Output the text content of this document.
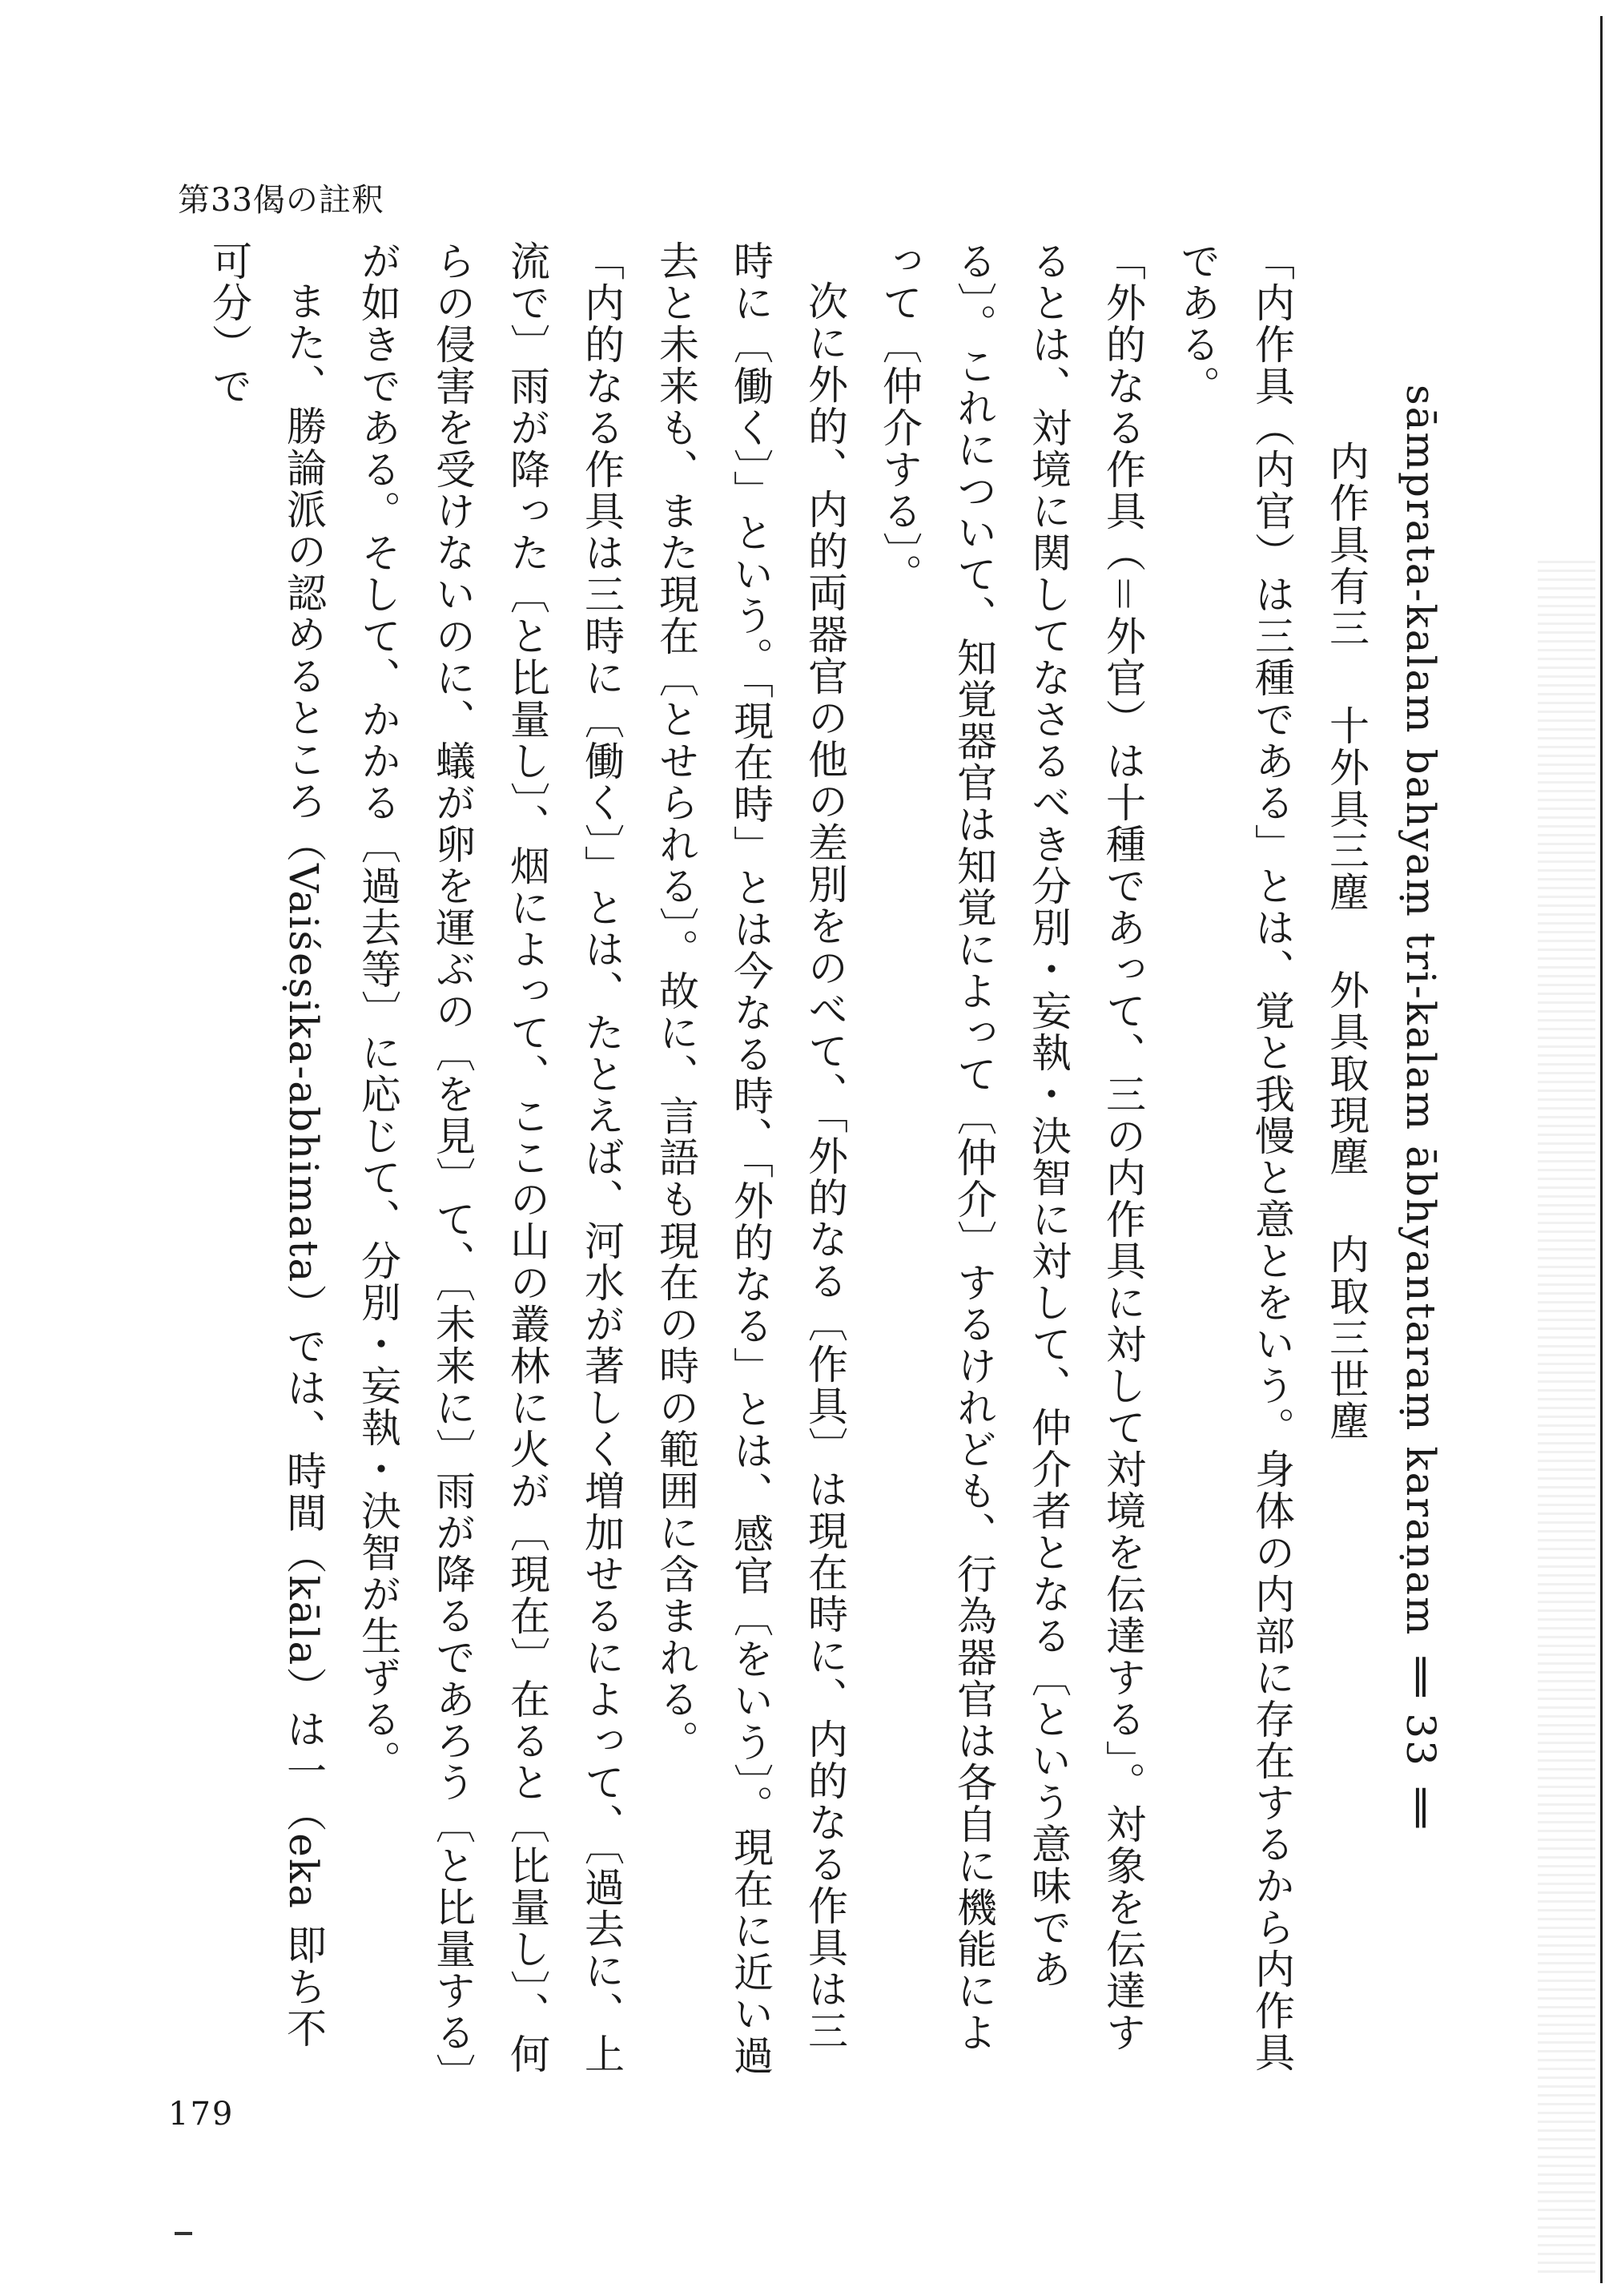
第33偈の註釈

sāmprata-kalam bahyaṃ tri-kalam ābhyantaraṃ karaṇam ‖ 33 ‖

内作具有三 十外具三塵 外具取現塵 内取三世塵

「内作具（内官）は三種である」とは、覚と我慢と意とをいう。身体の内部に存在するから内作具である。

「外的なる作具（＝外官）は十種であって、三の内作具に対して対境を伝達する」。対象を伝達するとは、対境に関してなさるべき分別・妄執・決智に対して、仲介者となる〔という意味である〕。これについて、知覚器官は知覚によって〔仲介〕するけれども、行為器官は各自に機能によって〔仲介する〕。

次に外的、内的両器官の他の差別をのべて、「外的なる〔作具〕は現在時に、内的なる作具は三時に〔働く〕」という。「現在時」とは今なる時、「外的なる」とは、感官〔をいう〕。現在に近い過去と未来も、また現在〔とせられる〕。故に、言語も現在の時の範囲に含まれる。

「内的なる作具は三時に〔働く〕」とは、たとえば、河水が著しく増加せるによって、〔過去に、上流で〕雨が降った〔と比量し〕、烟によって、ここの山の叢林に火が〔現在〕在ると〔比量し〕、何らの侵害を受けないのに、蟻が卵を運ぶの〔を見〕て、〔未来に〕雨が降るであろう〔と比量する〕が如きである。そして、かかる〔過去等〕に応じて、分別・妄執・決智が生ずる。

また、勝論派の認めるところ（Vaiśeṣika-abhimata）では、時間（kāla）は一（eka 即ち不可分）で

179
